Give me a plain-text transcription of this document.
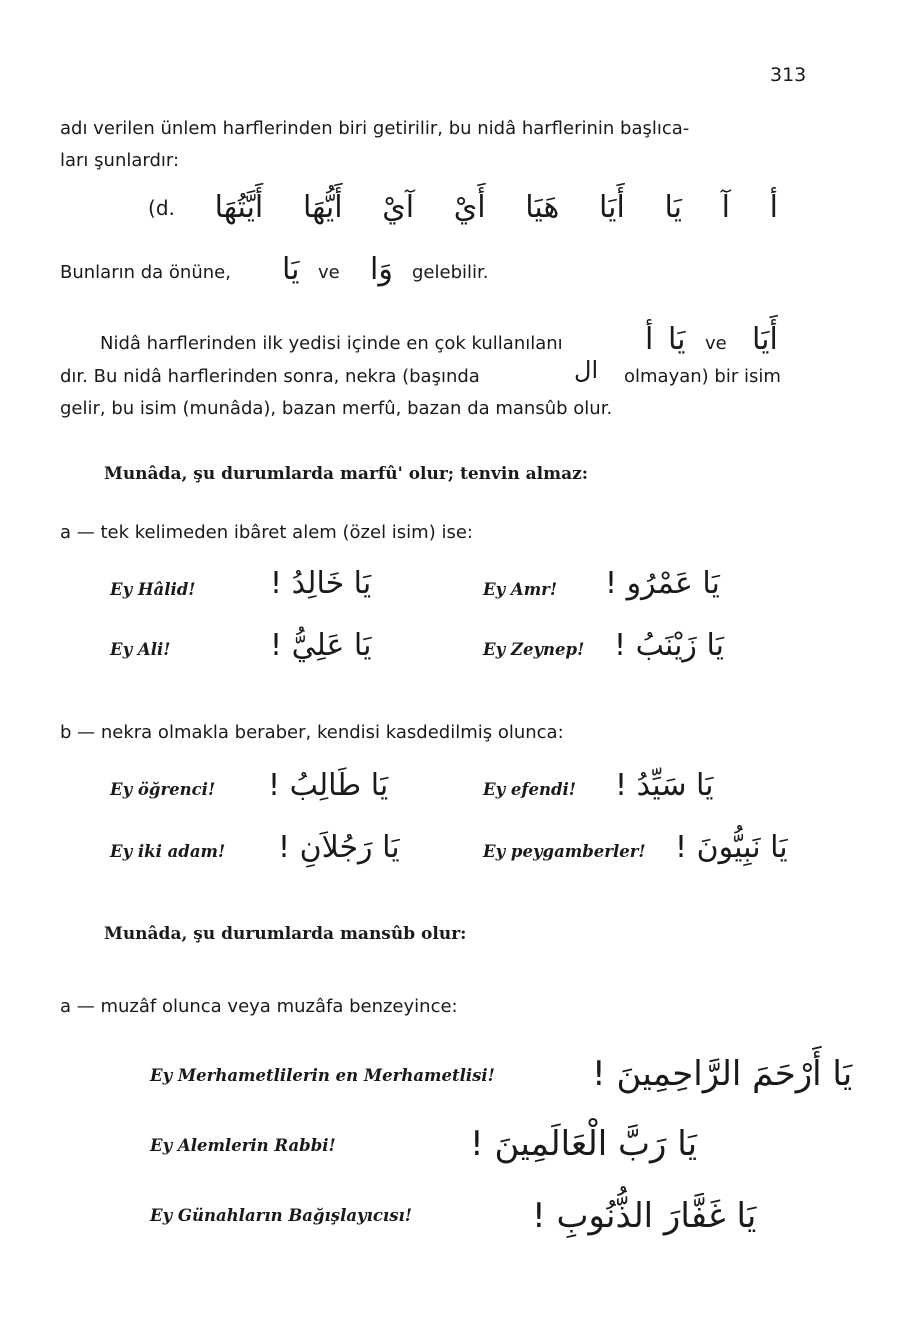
313
adı verilen ünlem harflerinden biri getirilir, bu nidâ harflerinin başlıca-
ları şunlardır:
أ
آ
يَا
أَيَا
هَيَا
أَيْ
آيْ
أَيُّهَا
أَيَّتُهَا
(d.
Bunların da önüne, يَا ve وَا gelebilir.
Nidâ harflerinden ilk yedisi içinde en çok kullanılanı	أ يَا ve أَيَا
dır. Bu nidâ harflerinden sonra, nekra (başında	ال olmayan) bir isim
gelir, bu isim (munâda), bazan merfû, bazan da mansûb olur.
Munâda, şu durumlarda marfû' olur; tenvin almaz:
a — tek kelimeden ibâret alem (özel isim) ise:
Ey Hâlid! يَا خَالِدُ !	Ey Amr! يَا عَمْرُو !
Ey Ali!	يَا عَلِيُّ !	Ey Zeynep! يَا زَيْنَبُ !
b — nekra olmakla beraber, kendisi kasdedilmiş olunca:
Ey öğrenci! يَا طَالِبُ !	Ey efendi! يَا سَيِّدُ !
Ey iki adam! يَا رَجُلاَنِ !	Ey peygamberler! يَا نَبِيُّونَ !
Munâda, şu durumlarda mansûb olur:
a — muzâf olunca veya muzâfa benzeyince:
Ey Merhametlilerin en Merhametlisi!	يَا أَرْحَمَ الرَّاحِمِينَ !
Ey Alemlerin Rabbi!	يَا رَبَّ الْعَالَمِينَ !
Ey Günahların Bağışlayıcısı!	يَا غَفَّارَ الذُّنُوبِ !
